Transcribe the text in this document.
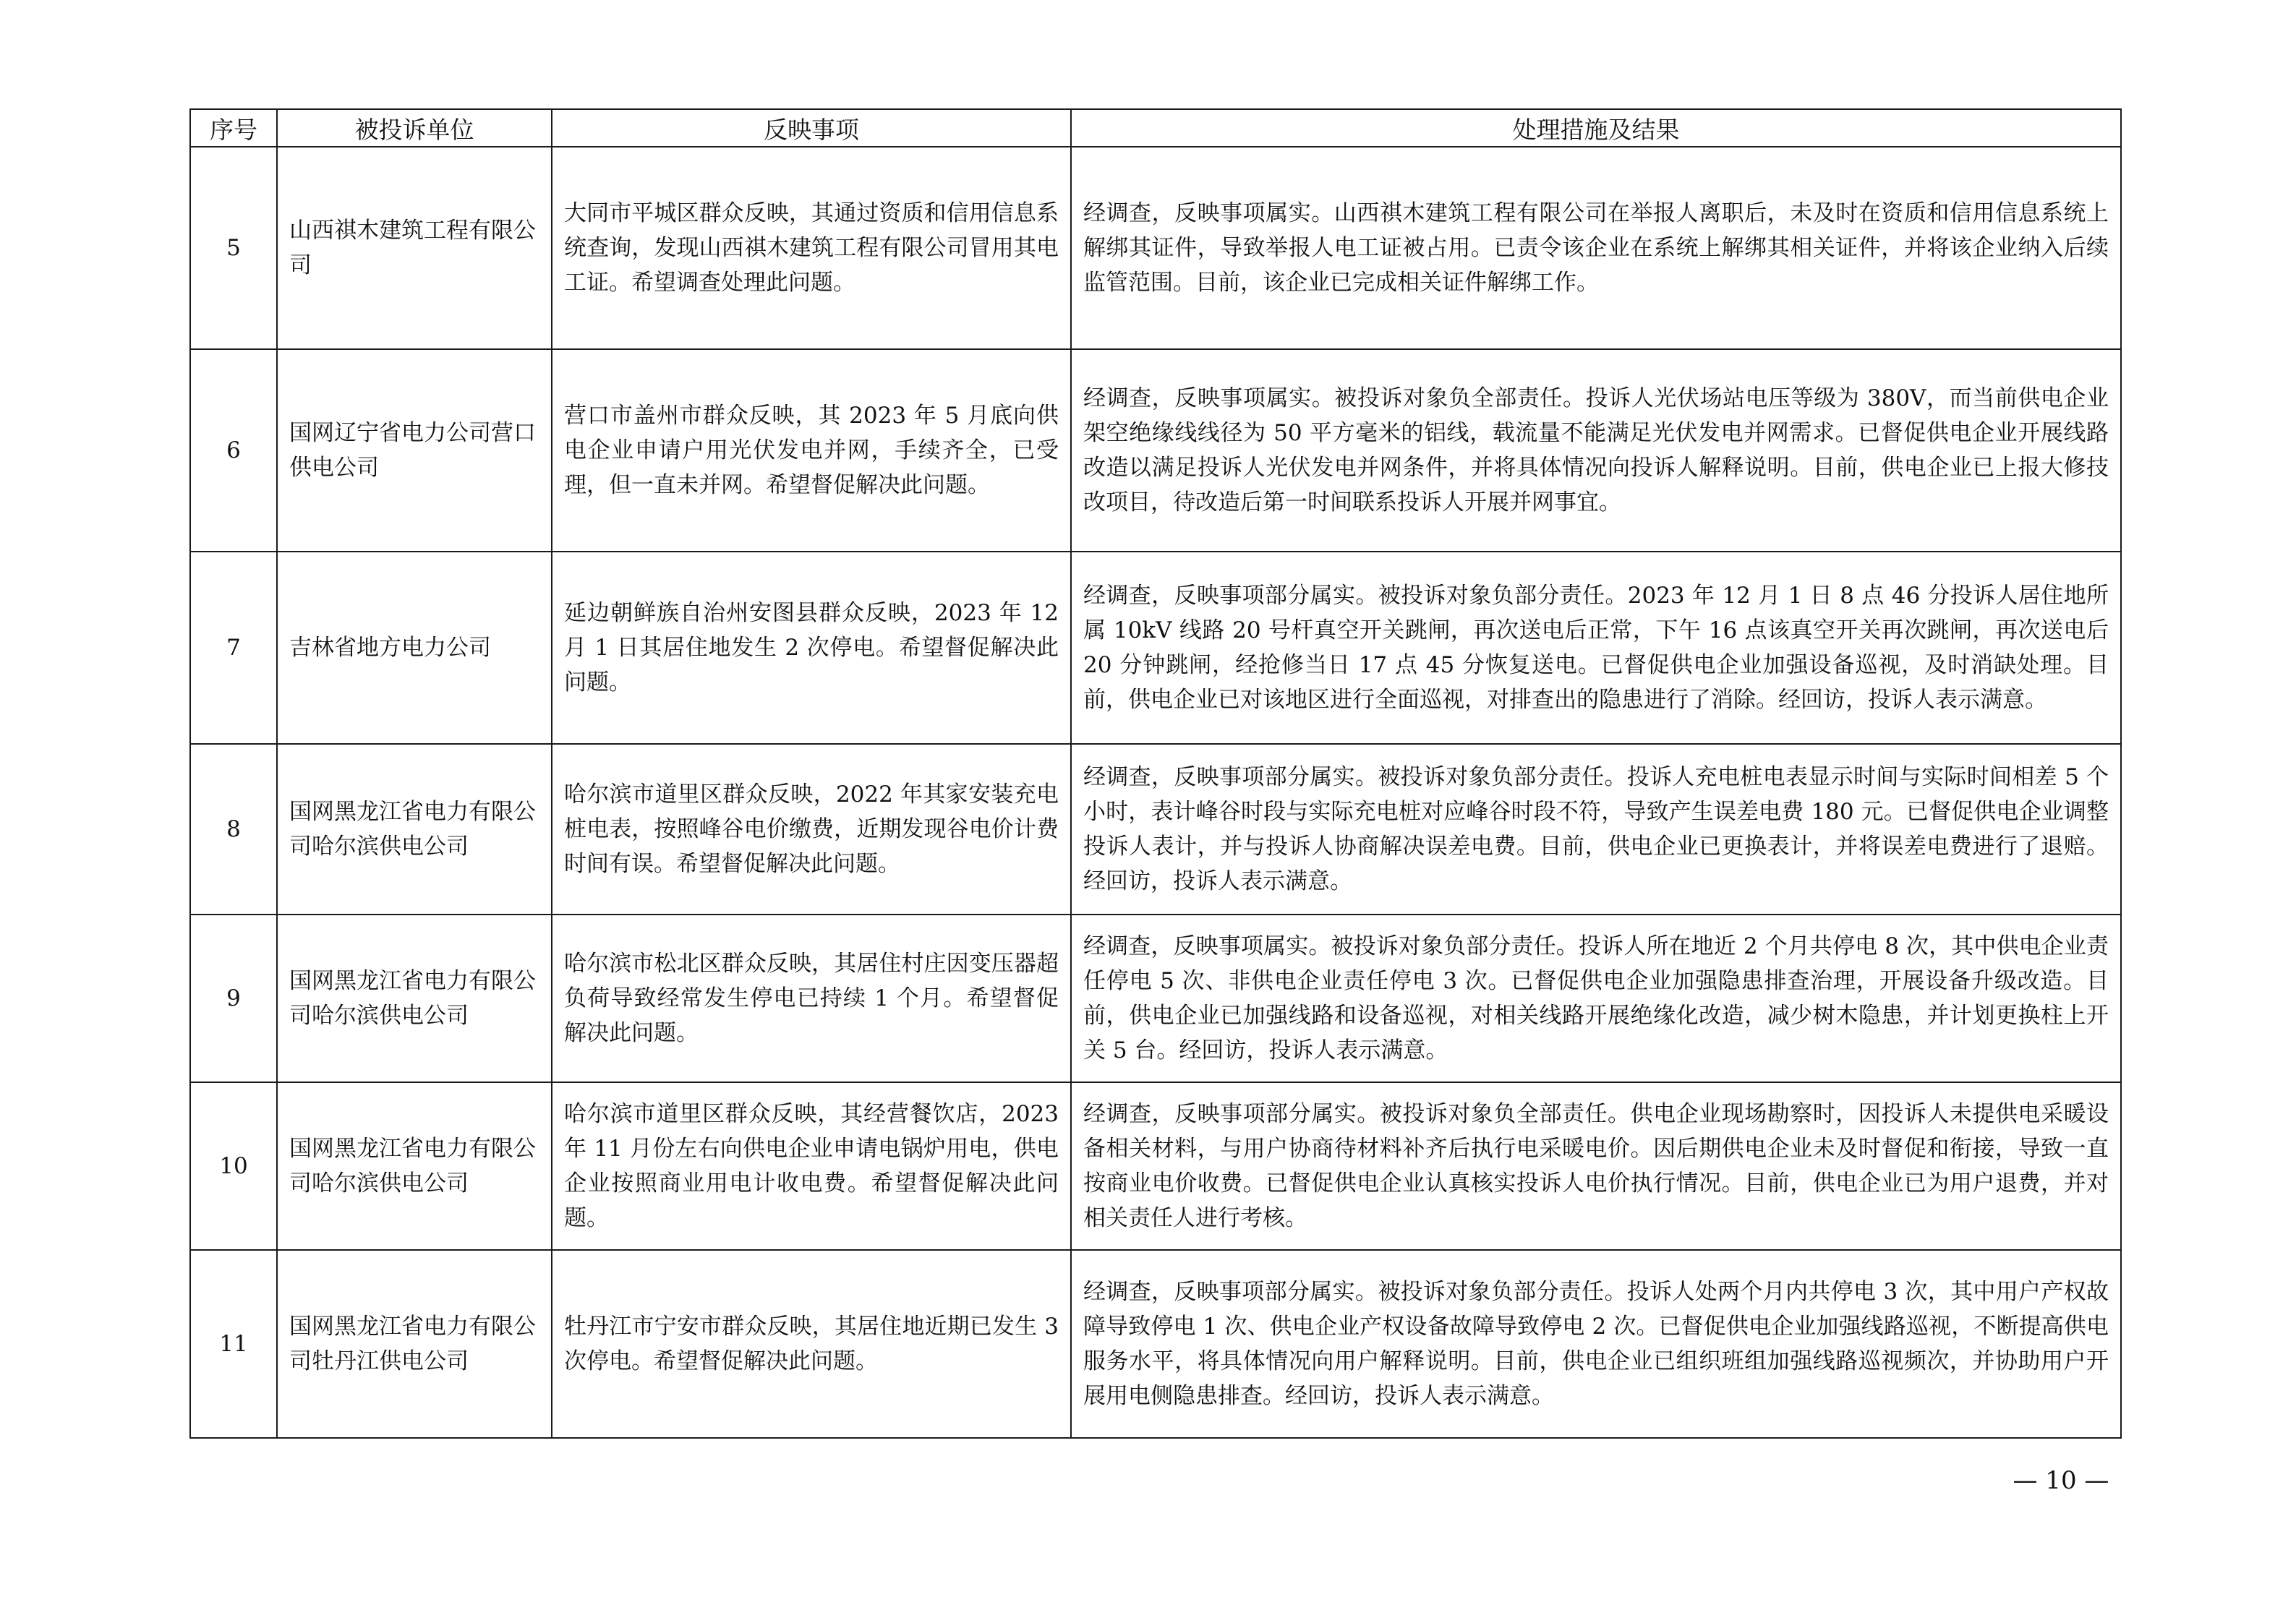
序号	被投诉单位	反映事项	处理措施及结果
5	山西祺木建筑工程有限公司	大同市平城区群众反映，其通过资质和信用信息系统查询，发现山西祺木建筑工程有限公司冒用其电工证。希望调查处理此问题。	经调查，反映事项属实。山西祺木建筑工程有限公司在举报人离职后，未及时在资质和信用信息系统上解绑其证件，导致举报人电工证被占用。已责令该企业在系统上解绑其相关证件，并将该企业纳入后续监管范围。目前，该企业已完成相关证件解绑工作。
6	国网辽宁省电力公司营口供电公司	营口市盖州市群众反映，其 2023 年 5 月底向供电企业申请户用光伏发电并网，手续齐全，已受理，但一直未并网。希望督促解决此问题。	经调查，反映事项属实。被投诉对象负全部责任。投诉人光伏场站电压等级为 380V，而当前供电企业架空绝缘线线径为 50 平方毫米的铝线，载流量不能满足光伏发电并网需求。已督促供电企业开展线路改造以满足投诉人光伏发电并网条件，并将具体情况向投诉人解释说明。目前，供电企业已上报大修技改项目，待改造后第一时间联系投诉人开展并网事宜。
7	吉林省地方电力公司	延边朝鲜族自治州安图县群众反映，2023 年 12 月 1 日其居住地发生 2 次停电。希望督促解决此问题。	经调查，反映事项部分属实。被投诉对象负部分责任。2023 年 12 月 1 日 8 点 46 分投诉人居住地所属 10kV 线路 20 号杆真空开关跳闸，再次送电后正常，下午 16 点该真空开关再次跳闸，再次送电后 20 分钟跳闸，经抢修当日 17 点 45 分恢复送电。已督促供电企业加强设备巡视，及时消缺处理。目前，供电企业已对该地区进行全面巡视，对排查出的隐患进行了消除。经回访，投诉人表示满意。
8	国网黑龙江省电力有限公司哈尔滨供电公司	哈尔滨市道里区群众反映，2022 年其家安装充电桩电表，按照峰谷电价缴费，近期发现谷电价计费时间有误。希望督促解决此问题。	经调查，反映事项部分属实。被投诉对象负部分责任。投诉人充电桩电表显示时间与实际时间相差 5 个小时，表计峰谷时段与实际充电桩对应峰谷时段不符，导致产生误差电费 180 元。已督促供电企业调整投诉人表计，并与投诉人协商解决误差电费。目前，供电企业已更换表计，并将误差电费进行了退赔。经回访，投诉人表示满意。
9	国网黑龙江省电力有限公司哈尔滨供电公司	哈尔滨市松北区群众反映，其居住村庄因变压器超负荷导致经常发生停电已持续 1 个月。希望督促解决此问题。	经调查，反映事项属实。被投诉对象负部分责任。投诉人所在地近 2 个月共停电 8 次，其中供电企业责任停电 5 次、非供电企业责任停电 3 次。已督促供电企业加强隐患排查治理，开展设备升级改造。目前，供电企业已加强线路和设备巡视，对相关线路开展绝缘化改造，减少树木隐患，并计划更换柱上开关 5 台。经回访，投诉人表示满意。
10	国网黑龙江省电力有限公司哈尔滨供电公司	哈尔滨市道里区群众反映，其经营餐饮店，2023 年 11 月份左右向供电企业申请电锅炉用电，供电企业按照商业用电计收电费。希望督促解决此问题。	经调查，反映事项部分属实。被投诉对象负全部责任。供电企业现场勘察时，因投诉人未提供电采暖设备相关材料，与用户协商待材料补齐后执行电采暖电价。因后期供电企业未及时督促和衔接，导致一直按商业电价收费。已督促供电企业认真核实投诉人电价执行情况。目前，供电企业已为用户退费，并对相关责任人进行考核。
11	国网黑龙江省电力有限公司牡丹江供电公司	牡丹江市宁安市群众反映，其居住地近期已发生 3 次停电。希望督促解决此问题。	经调查，反映事项部分属实。被投诉对象负部分责任。投诉人处两个月内共停电 3 次，其中用户产权故障导致停电 1 次、供电企业产权设备故障导致停电 2 次。已督促供电企业加强线路巡视，不断提高供电服务水平，将具体情况向用户解释说明。目前，供电企业已组织班组加强线路巡视频次，并协助用户开展用电侧隐患排查。经回访，投诉人表示满意。
— 10 —
